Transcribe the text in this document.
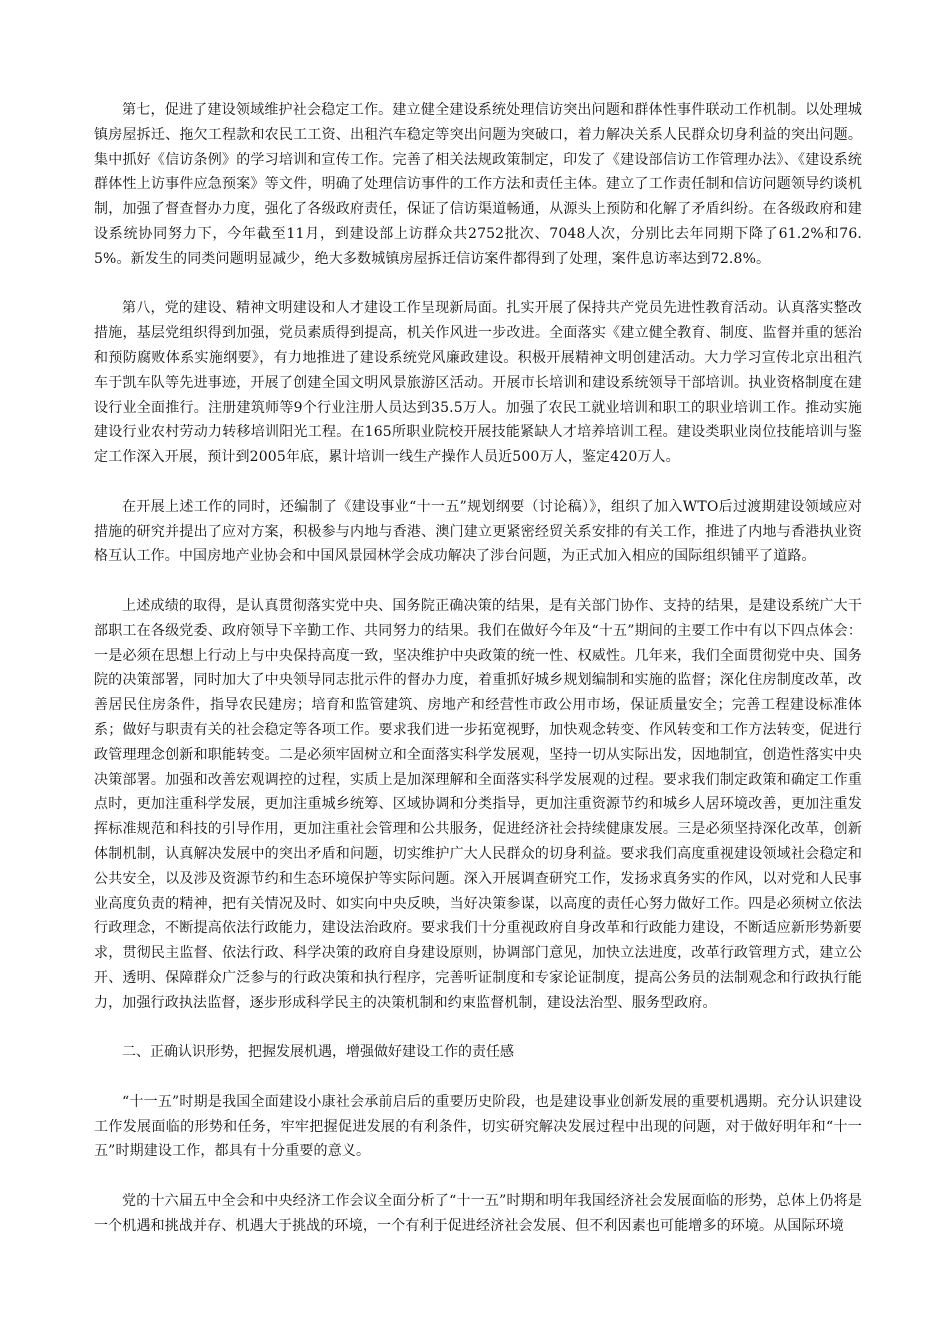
第七，促进了建设领域维护社会稳定工作。建立健全建设系统处理信访突出问题和群体性事件联动工作机制。以处理城镇房屋拆迁、拖欠工程款和农民工工资、出租汽车稳定等突出问题为突破口，着力解决关系人民群众切身利益的突出问题。集中抓好《信访条例》的学习培训和宣传工作。完善了相关法规政策制定，印发了《建设部信访工作管理办法》、《建设系统群体性上访事件应急预案》等文件，明确了处理信访事件的工作方法和责任主体。建立了工作责任制和信访问题领导约谈机制，加强了督查督办力度，强化了各级政府责任，保证了信访渠道畅通，从源头上预防和化解了矛盾纠纷。在各级政府和建设系统协同努力下，今年截至11月，到建设部上访群众共2752批次、7048人次，分别比去年同期下降了61.2%和76.5%。新发生的同类问题明显减少，绝大多数城镇房屋拆迁信访案件都得到了处理，案件息访率达到72.8%。

第八，党的建设、精神文明建设和人才建设工作呈现新局面。扎实开展了保持共产党员先进性教育活动。认真落实整改措施，基层党组织得到加强，党员素质得到提高，机关作风进一步改进。全面落实《建立健全教育、制度、监督并重的惩治和预防腐败体系实施纲要》，有力地推进了建设系统党风廉政建设。积极开展精神文明创建活动。大力学习宣传北京出租汽车于凯车队等先进事迹，开展了创建全国文明风景旅游区活动。开展市长培训和建设系统领导干部培训。执业资格制度在建设行业全面推行。注册建筑师等9个行业注册人员达到35.5万人。加强了农民工就业培训和职工的职业培训工作。推动实施建设行业农村劳动力转移培训阳光工程。在165所职业院校开展技能紧缺人才培养培训工程。建设类职业岗位技能培训与鉴定工作深入开展，预计到2005年底，累计培训一线生产操作人员近500万人，鉴定420万人。

在开展上述工作的同时，还编制了《建设事业“十一五”规划纲要（讨论稿）》，组织了加入WTO后过渡期建设领域应对措施的研究并提出了应对方案，积极参与内地与香港、澳门建立更紧密经贸关系安排的有关工作，推进了内地与香港执业资格互认工作。中国房地产业协会和中国风景园林学会成功解决了涉台问题，为正式加入相应的国际组织铺平了道路。

上述成绩的取得，是认真贯彻落实党中央、国务院正确决策的结果，是有关部门协作、支持的结果，是建设系统广大干部职工在各级党委、政府领导下辛勤工作、共同努力的结果。我们在做好今年及“十五”期间的主要工作中有以下四点体会：一是必须在思想上行动上与中央保持高度一致，坚决维护中央政策的统一性、权威性。几年来，我们全面贯彻党中央、国务院的决策部署，同时加大了中央领导同志批示件的督办力度，着重抓好城乡规划编制和实施的监督；深化住房制度改革，改善居民住房条件，指导农民建房；培育和监管建筑、房地产和经营性市政公用市场，保证质量安全；完善工程建设标准体系；做好与职责有关的社会稳定等各项工作。要求我们进一步拓宽视野，加快观念转变、作风转变和工作方法转变，促进行政管理理念创新和职能转变。二是必须牢固树立和全面落实科学发展观，坚持一切从实际出发，因地制宜，创造性落实中央决策部署。加强和改善宏观调控的过程，实质上是加深理解和全面落实科学发展观的过程。要求我们制定政策和确定工作重点时，更加注重科学发展，更加注重城乡统筹、区域协调和分类指导，更加注重资源节约和城乡人居环境改善，更加注重发挥标准规范和科技的引导作用，更加注重社会管理和公共服务，促进经济社会持续健康发展。三是必须坚持深化改革，创新体制机制，认真解决发展中的突出矛盾和问题，切实维护广大人民群众的切身利益。要求我们高度重视建设领域社会稳定和公共安全，以及涉及资源节约和生态环境保护等实际问题。深入开展调查研究工作，发扬求真务实的作风，以对党和人民事业高度负责的精神，把有关情况及时、如实向中央反映，当好决策参谋，以高度的责任心努力做好工作。四是必须树立依法行政理念，不断提高依法行政能力，建设法治政府。要求我们十分重视政府自身改革和行政能力建设，不断适应新形势新要求，贯彻民主监督、依法行政、科学决策的政府自身建设原则，协调部门意见，加快立法进度，改革行政管理方式，建立公开、透明、保障群众广泛参与的行政决策和执行程序，完善听证制度和专家论证制度，提高公务员的法制观念和行政执行能力，加强行政执法监督，逐步形成科学民主的决策机制和约束监督机制，建设法治型、服务型政府。

二、正确认识形势，把握发展机遇，增强做好建设工作的责任感

“十一五”时期是我国全面建设小康社会承前启后的重要历史阶段，也是建设事业创新发展的重要机遇期。充分认识建设工作发展面临的形势和任务，牢牢把握促进发展的有利条件，切实研究解决发展过程中出现的问题，对于做好明年和“十一五”时期建设工作，都具有十分重要的意义。

党的十六届五中全会和中央经济工作会议全面分析了“十一五”时期和明年我国经济社会发展面临的形势，总体上仍将是一个机遇和挑战并存、机遇大于挑战的环境，一个有利于促进经济社会发展、但不利因素也可能增多的环境。从国际环境
